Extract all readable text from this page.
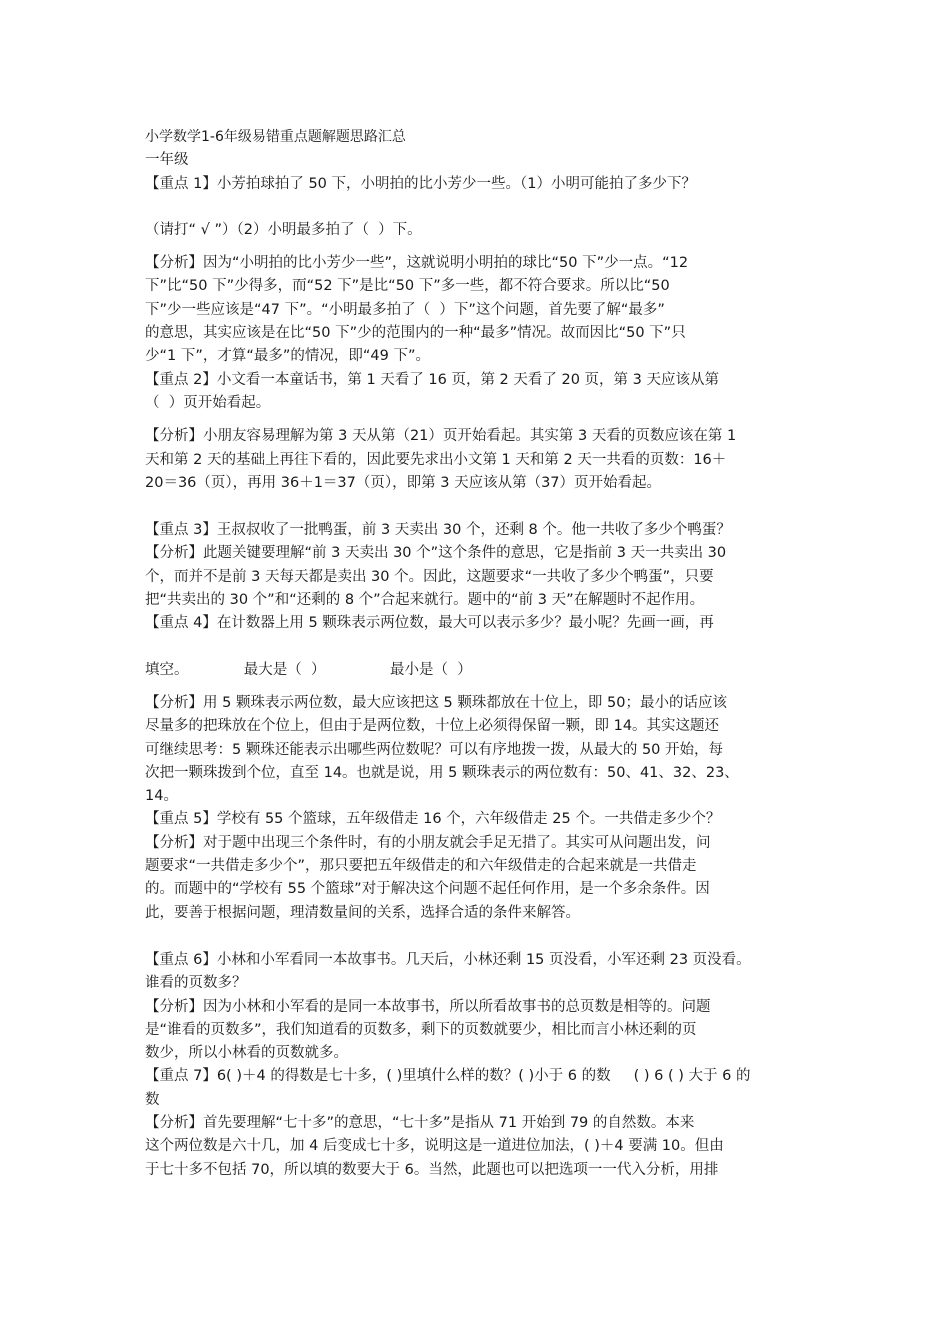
小学数学1-6年级易错重点题解题思路汇总
一年级
【重点 1】小芳拍球拍了 50 下，小明拍的比小芳少一些。（1）小明可能拍了多少下？
（请打“ √ ”）（2）小明最多拍了（  ）下。
【分析】因为“小明拍的比小芳少一些”，这就说明小明拍的球比“50 下”少一点。“12
下”比“50 下”少得多，而“52 下”是比“50 下”多一些，都不符合要求。所以比“50
下”少一些应该是“47 下”。“小明最多拍了（  ）下”这个问题，首先要了解“最多”
的意思，其实应该是在比“50 下”少的范围内的一种“最多”情况。故而因比“50 下”只
少“1 下”，才算“最多”的情况，即“49 下”。
【重点 2】小文看一本童话书，第 1 天看了 16 页，第 2 天看了 20 页，第 3 天应该从第
（  ）页开始看起。
【分析】小朋友容易理解为第 3 天从第（21）页开始看起。其实第 3 天看的页数应该在第 1
天和第 2 天的基础上再往下看的，因此要先求出小文第 1 天和第 2 天一共看的页数：16＋
20＝36（页），再用 36＋1＝37（页），即第 3 天应该从第（37）页开始看起。
【重点 3】王叔叔收了一批鸭蛋，前 3 天卖出 30 个，还剩 8 个。他一共收了多少个鸭蛋？
【分析】此题关键要理解“前 3 天卖出 30 个”这个条件的意思，它是指前 3 天一共卖出 30
个，而并不是前 3 天每天都是卖出 30 个。因此，这题要求“一共收了多少个鸭蛋”，只要
把“共卖出的 30 个”和“还剩的 8 个”合起来就行。题中的“前 3 天”在解题时不起作用。
【重点 4】在计数器上用 5 颗珠表示两位数，最大可以表示多少？最小呢？先画一画，再
填空。            最大是（  ）              最小是（  ）
【分析】用 5 颗珠表示两位数，最大应该把这 5 颗珠都放在十位上，即 50；最小的话应该
尽量多的把珠放在个位上，但由于是两位数，十位上必须得保留一颗，即 14。其实这题还
可继续思考：5 颗珠还能表示出哪些两位数呢？可以有序地拨一拨，从最大的 50 开始，每
次把一颗珠拨到个位，直至 14。也就是说，用 5 颗珠表示的两位数有：50、41、32、23、
14。
【重点 5】学校有 55 个篮球，五年级借走 16 个，六年级借走 25 个。一共借走多少个？
【分析】对于题中出现三个条件时，有的小朋友就会手足无措了。其实可从问题出发，问
题要求“一共借走多少个”，那只要把五年级借走的和六年级借走的合起来就是一共借走
的。而题中的“学校有 55 个篮球”对于解决这个问题不起任何作用，是一个多余条件。因
此，要善于根据问题，理清数量间的关系，选择合适的条件来解答。
【重点 6】小林和小军看同一本故事书。几天后，小林还剩 15 页没看，小军还剩 23 页没看。
谁看的页数多？
【分析】因为小林和小军看的是同一本故事书，所以所看故事书的总页数是相等的。问题
是“谁看的页数多”，我们知道看的页数多，剩下的页数就要少，相比而言小林还剩的页
数少，所以小林看的页数就多。
【重点 7】6( )＋4 的得数是七十多，( )里填什么样的数？( )小于 6 的数     ( ) 6 ( ) 大于 6 的
数
【分析】首先要理解“七十多”的意思，“七十多”是指从 71 开始到 79 的自然数。本来
这个两位数是六十几，加 4 后变成七十多，说明这是一道进位加法，( )＋4 要满 10。但由
于七十多不包括 70，所以填的数要大于 6。当然，此题也可以把选项一一代入分析，用排
